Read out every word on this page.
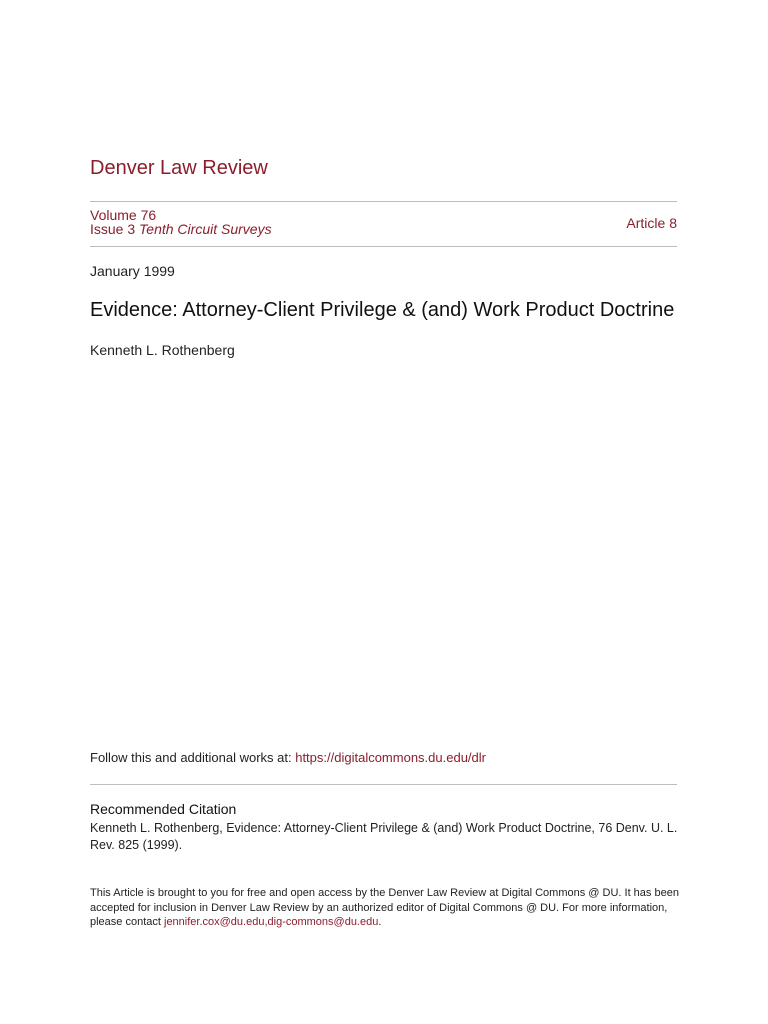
Denver Law Review
Volume 76
Issue 3 Tenth Circuit Surveys	Article 8
January 1999
Evidence: Attorney-Client Privilege & (and) Work Product Doctrine
Kenneth L. Rothenberg
Follow this and additional works at: https://digitalcommons.du.edu/dlr
Recommended Citation
Kenneth L. Rothenberg, Evidence: Attorney-Client Privilege & (and) Work Product Doctrine, 76 Denv. U. L. Rev. 825 (1999).
This Article is brought to you for free and open access by the Denver Law Review at Digital Commons @ DU. It has been accepted for inclusion in Denver Law Review by an authorized editor of Digital Commons @ DU. For more information, please contact jennifer.cox@du.edu,dig-commons@du.edu.
